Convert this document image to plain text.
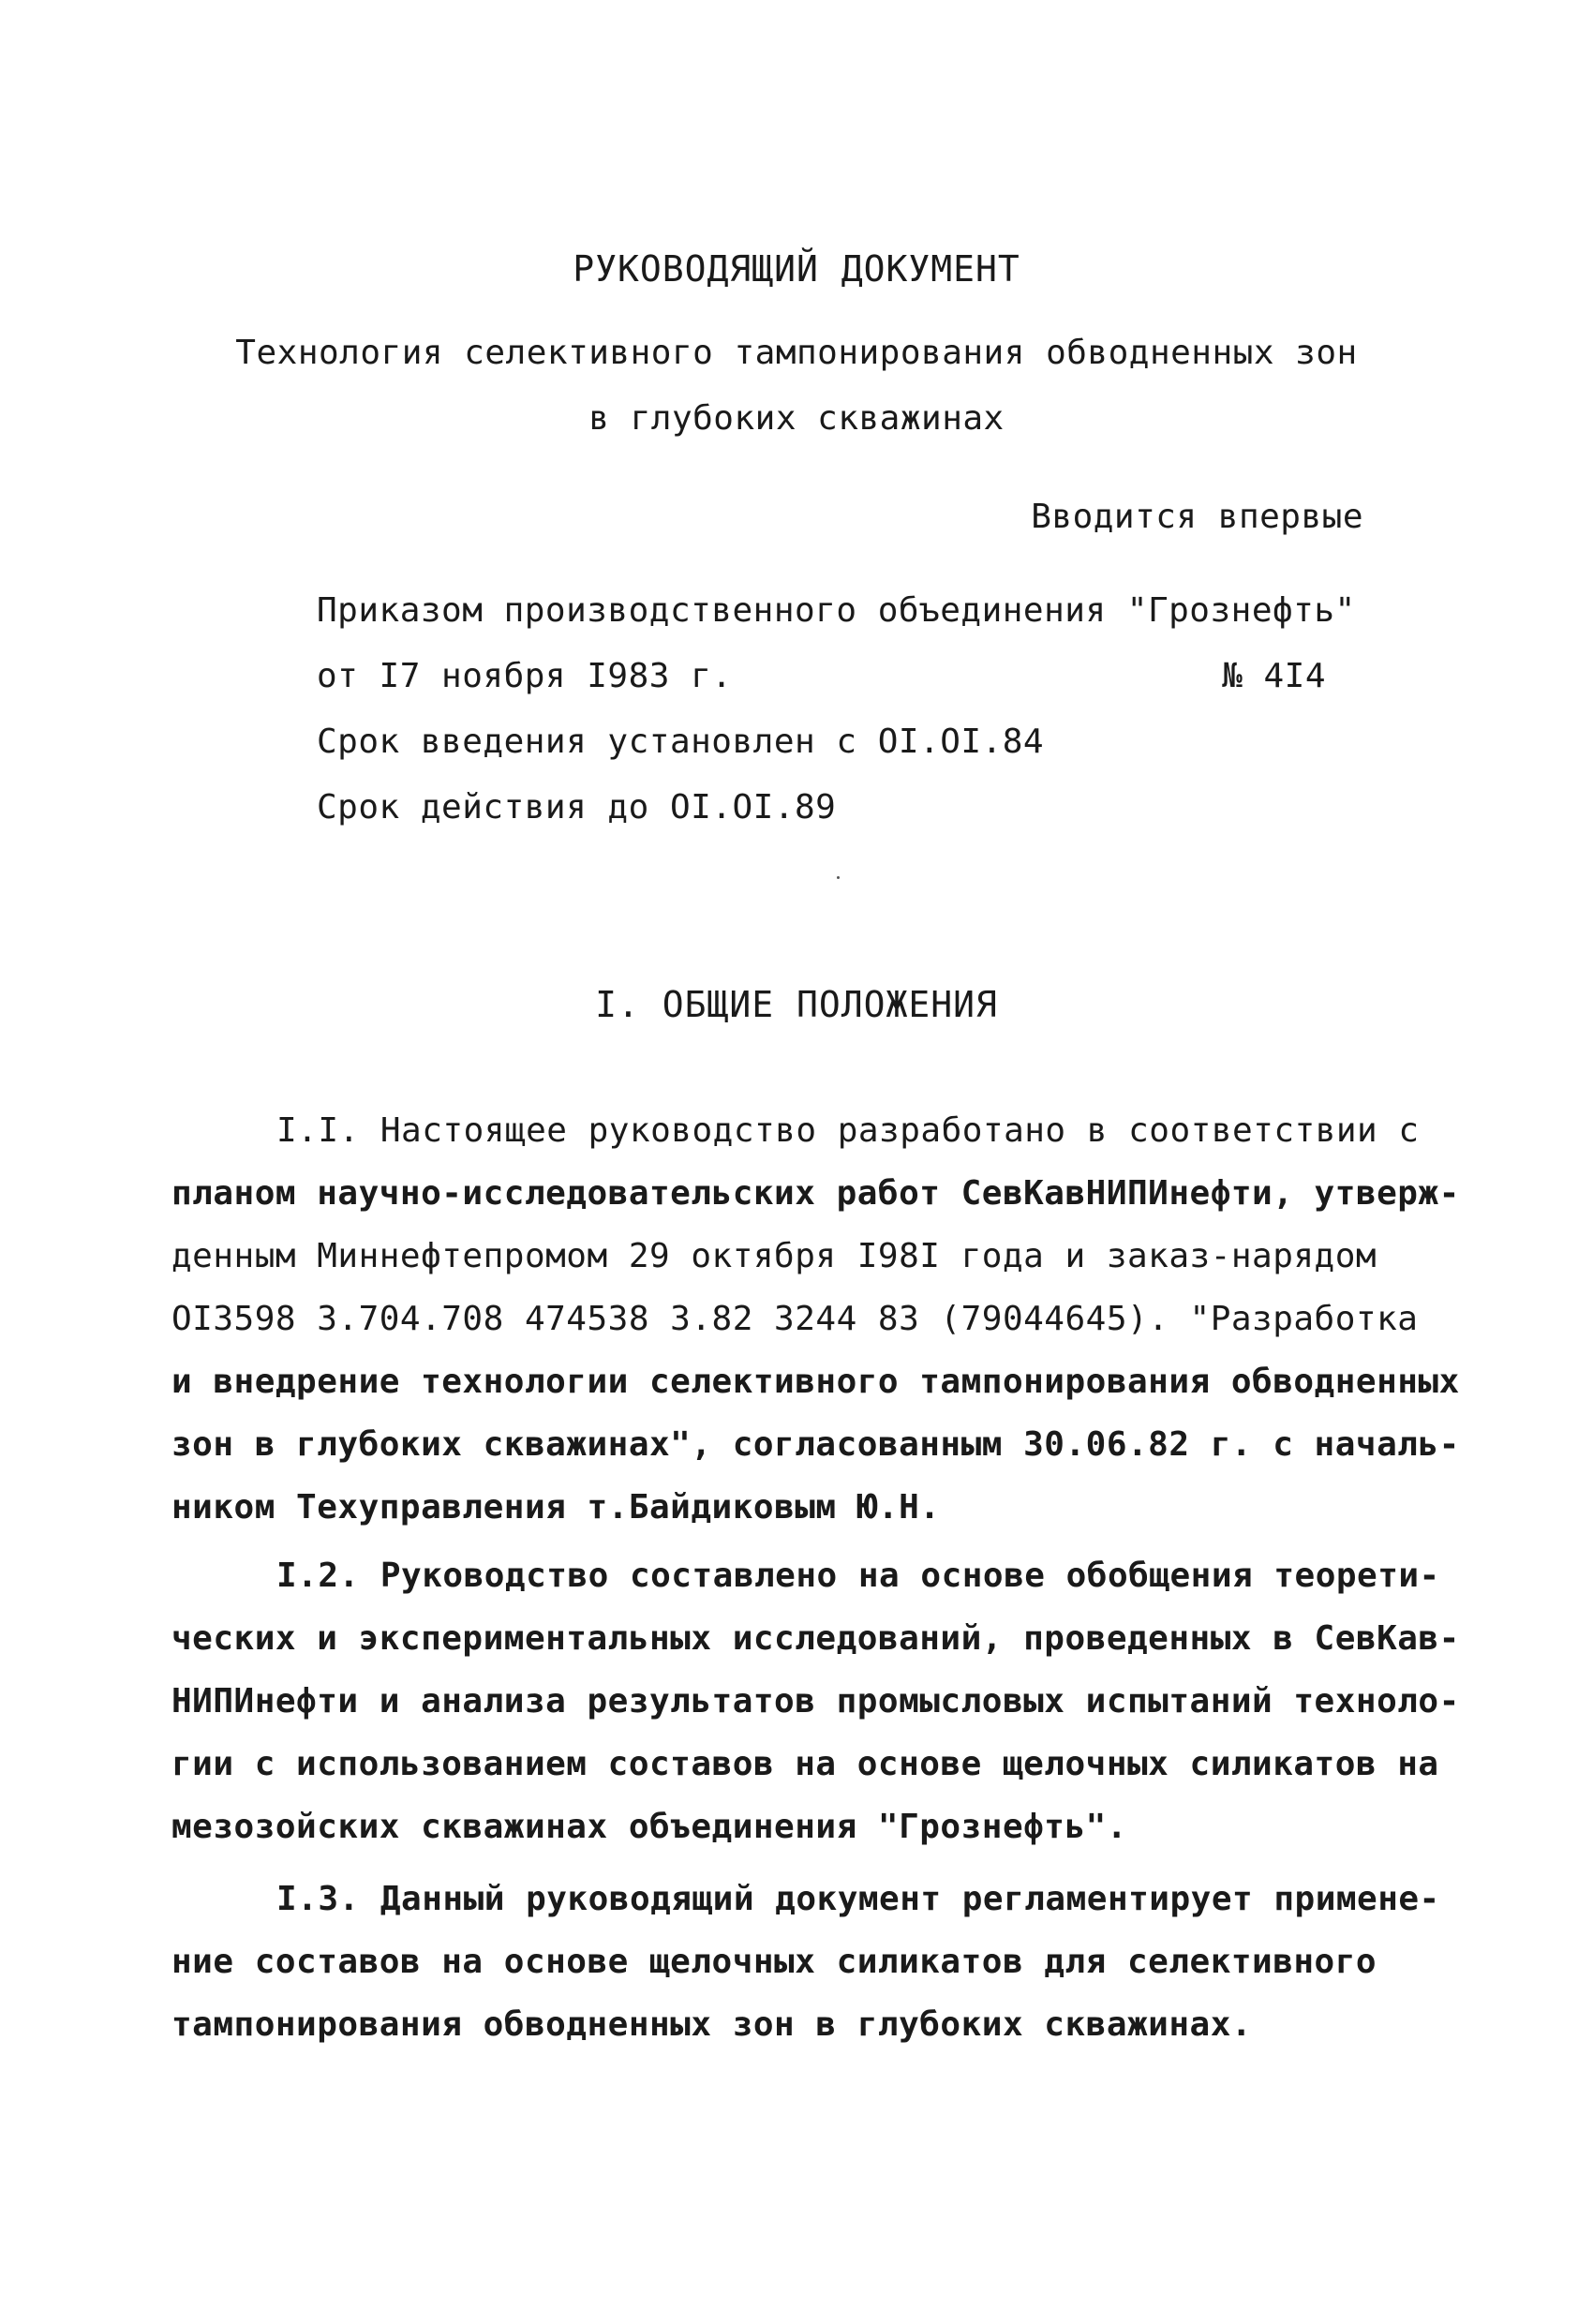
РУКОВОДЯЩИЙ ДОКУМЕНТ
Технология селективного тампонирования обводненных зон
в глубоких скважинах
Вводится впервые
Приказом производственного объединения "Грознефть"
от I7 ноября I983 г.	№ 4I4
Срок введения установлен с OI.OI.84
Срок действия до OI.OI.89
I. ОБЩИЕ ПОЛОЖЕНИЯ
I.I. Настоящее руководство разработано в соответствии с
планом научно-исследовательских работ СевКавНИПИнефти, утверж-
денным Миннефтепромом 29 октября I98I года и заказ-нарядом
OI3598 3.704.708 474538 3.82 3244 83 (79044645). "Разработка
и внедрение технологии селективного тампонирования обводненных
зон в глубоких скважинах", согласованным 30.06.82 г. с началь-
ником Техуправления т.Байдиковым Ю.Н.
I.2. Руководство составлено на основе обобщения теорети-
ческих и экспериментальных исследований, проведенных в СевКав-
НИПИнефти и анализа результатов промысловых испытаний техноло-
гии с использованием составов на основе щелочных силикатов на
мезозойских скважинах объединения "Грознефть".
I.3. Данный руководящий документ регламентирует примене-
ние составов на основе щелочных силикатов для селективного
тампонирования обводненных зон в глубоких скважинах.
